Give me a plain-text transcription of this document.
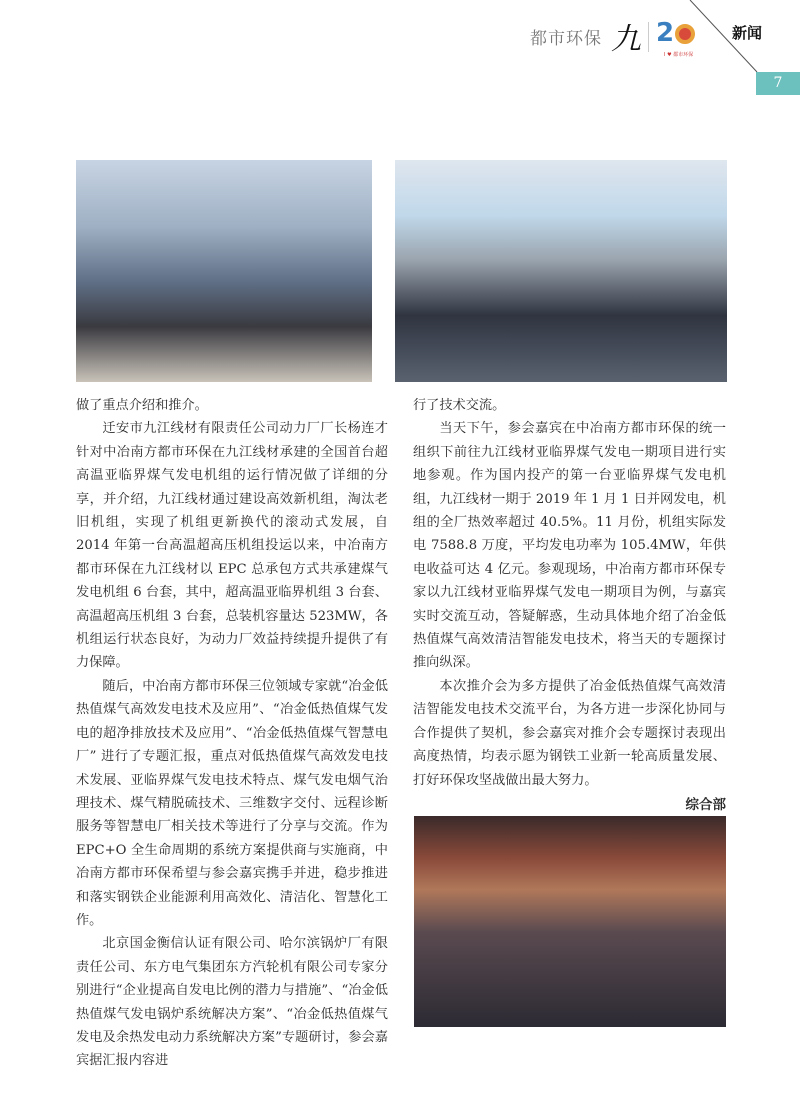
都市环保 九 2
I ♥ 都市环保
新闻
7

做了重点介绍和推介。

迁安市九江线材有限责任公司动力厂厂长杨连才针对中冶南方都市环保在九江线材承建的全国首台超高温亚临界煤气发电机组的运行情况做了详细的分享，并介绍，九江线材通过建设高效新机组，淘汰老旧机组，实现了机组更新换代的滚动式发展，自 2014 年第一台高温超高压机组投运以来，中冶南方都市环保在九江线材以 EPC 总承包方式共承建煤气发电机组 6 台套，其中，超高温亚临界机组 3 台套、高温超高压机组 3 台套，总装机容量达 523MW，各机组运行状态良好，为动力厂效益持续提升提供了有力保障。

随后，中冶南方都市环保三位领域专家就“冶金低热值煤气高效发电技术及应用”、“冶金低热值煤气发电的超净排放技术及应用”、“冶金低热值煤气智慧电厂” 进行了专题汇报，重点对低热值煤气高效发电技术发展、亚临界煤气发电技术特点、煤气发电烟气治理技术、煤气精脱硫技术、三维数字交付、远程诊断服务等智慧电厂相关技术等进行了分享与交流。作为 EPC+O 全生命周期的系统方案提供商与实施商，中冶南方都市环保希望与参会嘉宾携手并进，稳步推进和落实钢铁企业能源利用高效化、清洁化、智慧化工作。

北京国金衡信认证有限公司、哈尔滨锅炉厂有限责任公司、东方电气集团东方汽轮机有限公司专家分别进行“企业提高自发电比例的潜力与措施”、“冶金低热值煤气发电锅炉系统解决方案”、“冶金低热值煤气发电及余热发电动力系统解决方案”专题研讨，参会嘉宾据汇报内容进

行了技术交流。

当天下午，参会嘉宾在中冶南方都市环保的统一组织下前往九江线材亚临界煤气发电一期项目进行实地参观。作为国内投产的第一台亚临界煤气发电机组，九江线材一期于 2019 年 1 月 1 日并网发电，机组的全厂热效率超过 40.5%。11 月份，机组实际发电 7588.8 万度，平均发电功率为 105.4MW，年供电收益可达 4 亿元。参观现场，中冶南方都市环保专家以九江线材亚临界煤气发电一期项目为例，与嘉宾实时交流互动，答疑解惑，生动具体地介绍了冶金低热值煤气高效清洁智能发电技术，将当天的专题探讨推向纵深。

本次推介会为多方提供了冶金低热值煤气高效清洁智能发电技术交流平台，为各方进一步深化协同与合作提供了契机，参会嘉宾对推介会专题探讨表现出高度热情，均表示愿为钢铁工业新一轮高质量发展、打好环保攻坚战做出最大努力。

综合部
